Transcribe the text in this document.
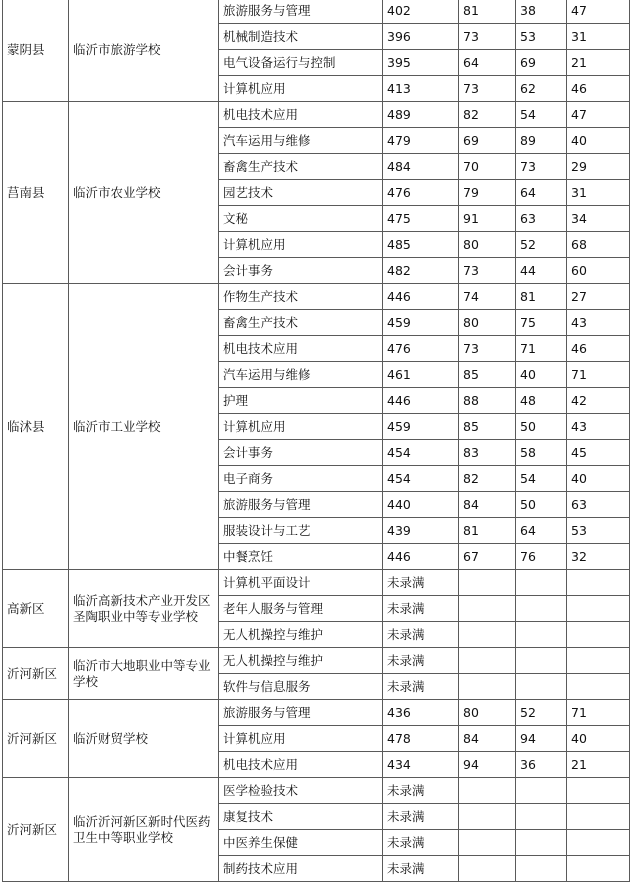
蒙阴县	临沂市旅游学校	旅游服务与管理	402	81	38	47
		机械制造技术	396	73	53	31
		电气设备运行与控制	395	64	69	21
		计算机应用	413	73	62	46
莒南县	临沂市农业学校	机电技术应用	489	82	54	47
		汽车运用与维修	479	69	89	40
		畜禽生产技术	484	70	73	29
		园艺技术	476	79	64	31
		文秘	475	91	63	34
		计算机应用	485	80	52	68
		会计事务	482	73	44	60
临沭县	临沂市工业学校	作物生产技术	446	74	81	27
		畜禽生产技术	459	80	75	43
		机电技术应用	476	73	71	46
		汽车运用与维修	461	85	40	71
		护理	446	88	48	42
		计算机应用	459	85	50	43
		会计事务	454	83	58	45
		电子商务	454	82	54	40
		旅游服务与管理	440	84	50	63
		服装设计与工艺	439	81	64	53
		中餐烹饪	446	67	76	32
高新区	临沂高新技术产业开发区圣陶职业中等专业学校	计算机平面设计	未录满			
		老年人服务与管理	未录满			
		无人机操控与维护	未录满			
沂河新区	临沂市大地职业中等专业学校	无人机操控与维护	未录满			
		软件与信息服务	未录满			
沂河新区	临沂财贸学校	旅游服务与管理	436	80	52	71
		计算机应用	478	84	94	40
		机电技术应用	434	94	36	21
沂河新区	临沂沂河新区新时代医药卫生中等职业学校	医学检验技术	未录满			
		康复技术	未录满			
		中医养生保健	未录满			
		制药技术应用	未录满			
